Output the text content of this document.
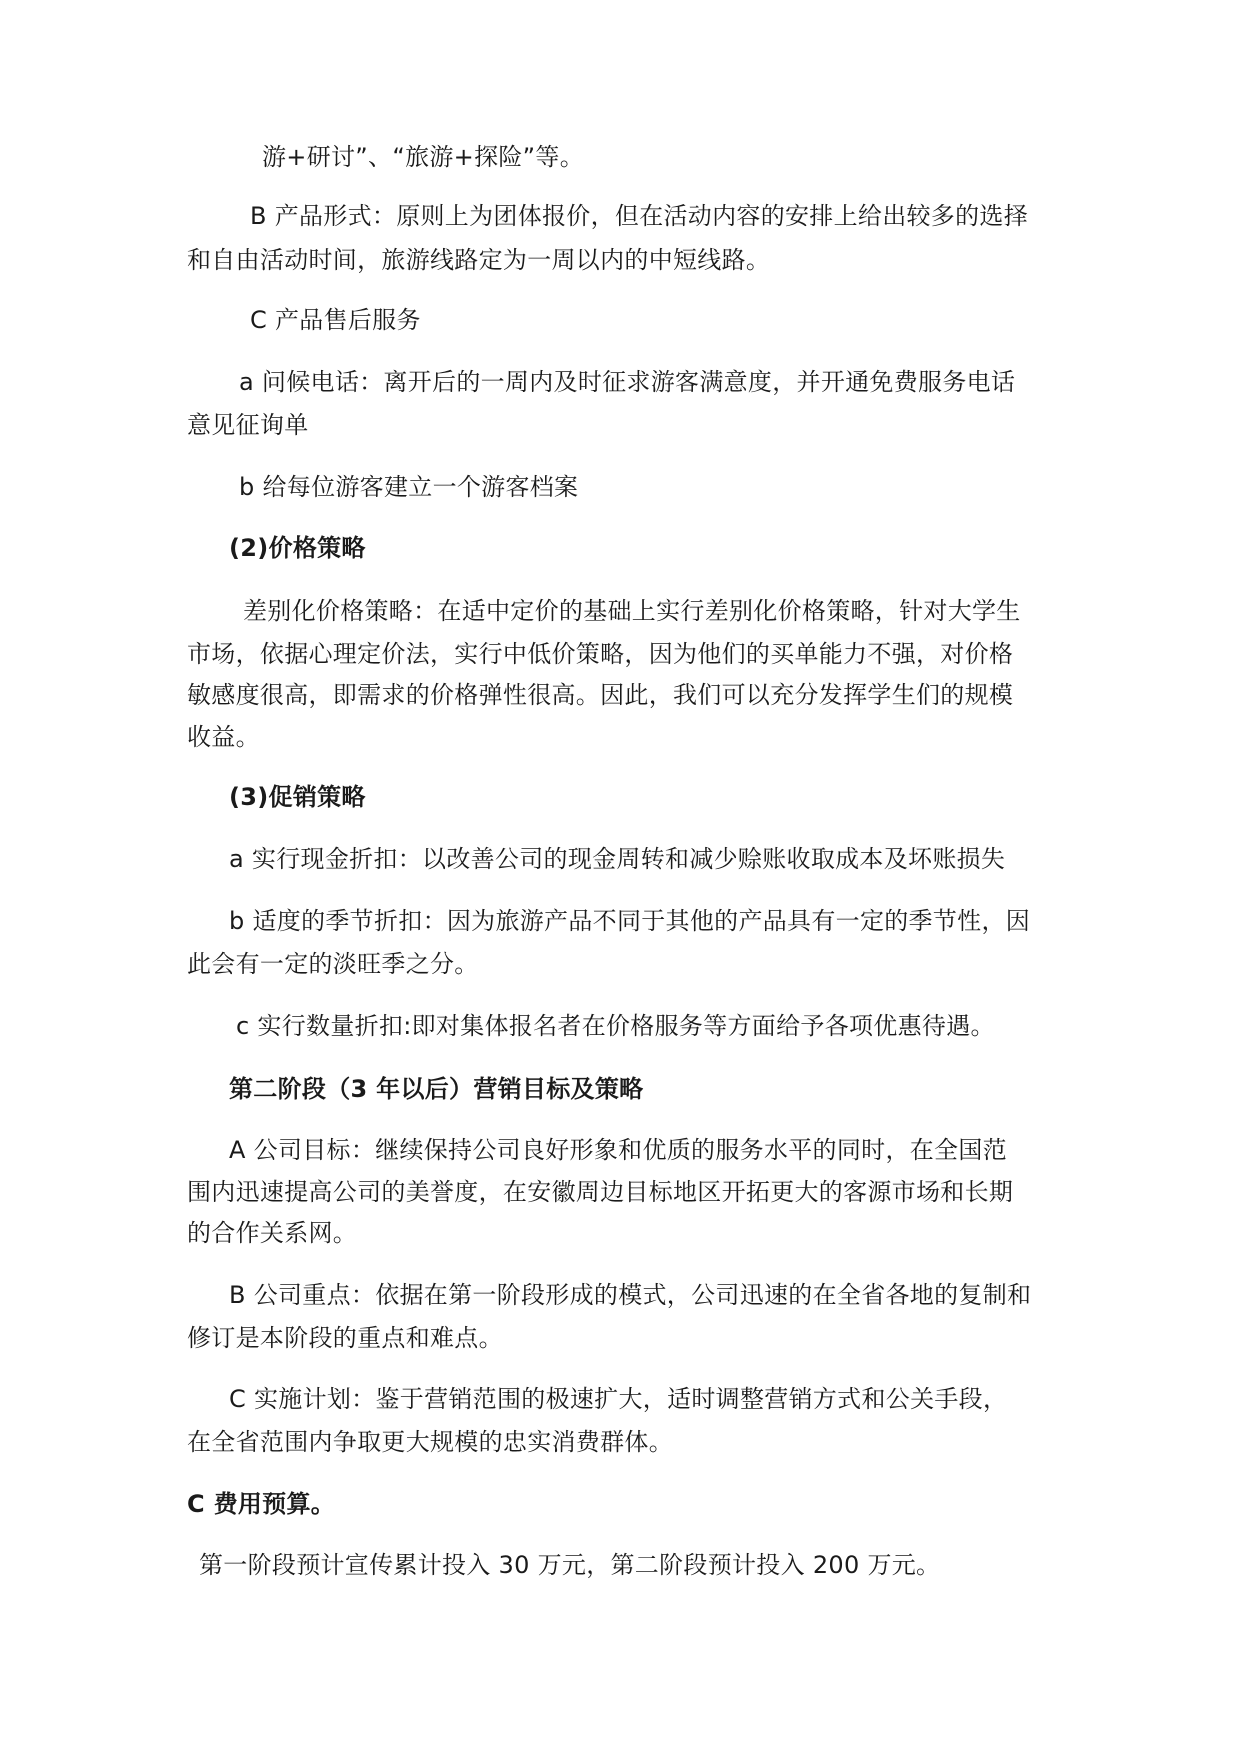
游+研讨”、“旅游+探险”等。
B 产品形式：原则上为团体报价，但在活动内容的安排上给出较多的选择
和自由活动时间，旅游线路定为一周以内的中短线路。
C 产品售后服务
a 问候电话：离开后的一周内及时征求游客满意度，并开通免费服务电话
意见征询单
b 给每位游客建立一个游客档案
(2)价格策略
差别化价格策略：在适中定价的基础上实行差别化价格策略，针对大学生
市场，依据心理定价法，实行中低价策略，因为他们的买单能力不强，对价格
敏感度很高，即需求的价格弹性很高。因此，我们可以充分发挥学生们的规模
收益。
(3)促销策略
a 实行现金折扣：以改善公司的现金周转和减少赊账收取成本及坏账损失
b 适度的季节折扣：因为旅游产品不同于其他的产品具有一定的季节性，因
此会有一定的淡旺季之分。
c 实行数量折扣:即对集体报名者在价格服务等方面给予各项优惠待遇。
第二阶段（3 年以后）营销目标及策略
A 公司目标：继续保持公司良好形象和优质的服务水平的同时，在全国范
围内迅速提高公司的美誉度，在安徽周边目标地区开拓更大的客源市场和长期
的合作关系网。
B 公司重点：依据在第一阶段形成的模式，公司迅速的在全省各地的复制和
修订是本阶段的重点和难点。
C 实施计划：鉴于营销范围的极速扩大，适时调整营销方式和公关手段，
在全省范围内争取更大规模的忠实消费群体。
C 费用预算。
第一阶段预计宣传累计投入 30 万元，第二阶段预计投入 200 万元。
